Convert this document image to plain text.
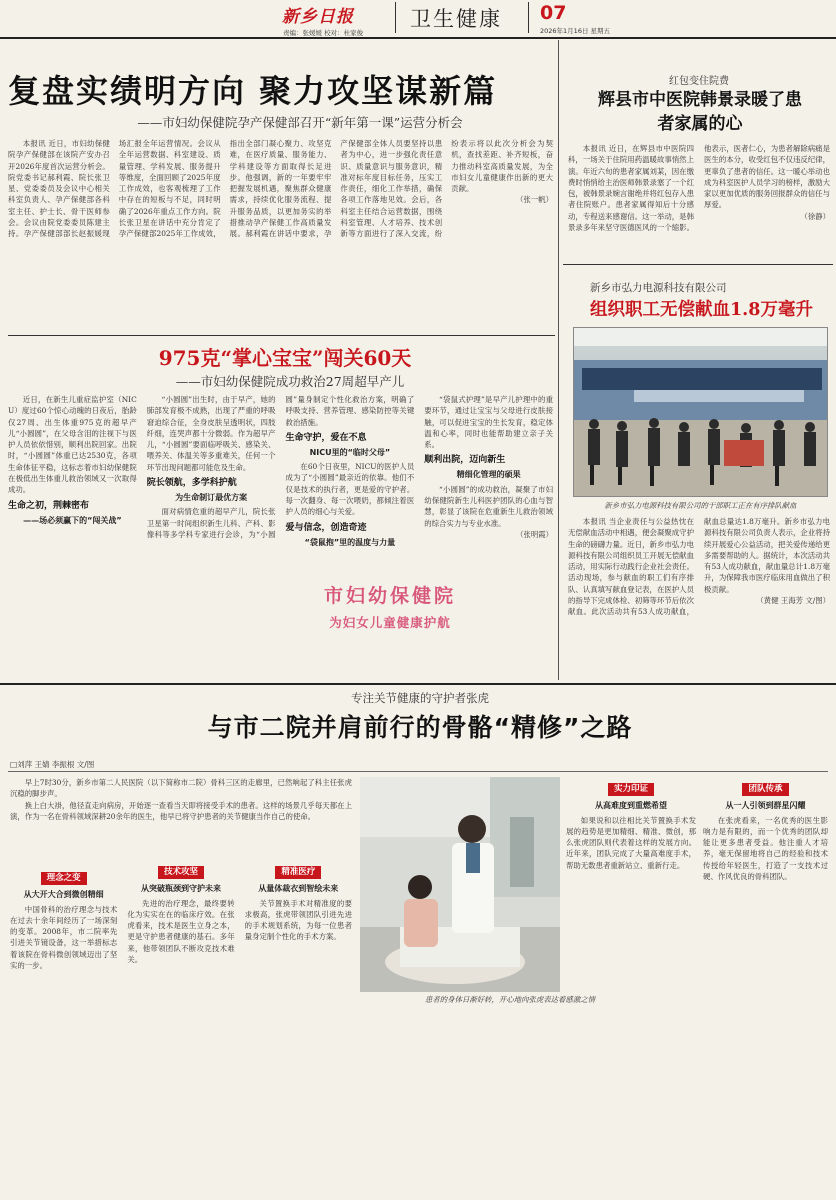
新乡日报	卫生健康	07
责编：张媛媛 校对：杜家俊	2026年1月16日 星期五
复盘实绩明方向 聚力攻坚谋新篇
——市妇幼保健院孕产保健部召开“新年第一课”运营分析会

本报讯 近日，市妇幼保健院孕产保健部在该院产安办召开2026年度首次运营分析会。院党委书记郝利霞、院长张卫星、党委委员及会议中心相关科室负责人、孕产保健部各科室主任、护士长、骨干医师参会。会议由院党委委员陈建主持。孕产保健部部长赵振媛现场汇报全年运营情况。会议从全年运营数据、科室建设、质量管理、学科发展、服务提升等维度，全面回顾了2025年度工作成效，也客观梳理了工作中存在的短板与不足，同时明确了2026年重点工作方向。院长张卫星在讲话中充分肯定了孕产保健部2025年工作成效，指出全部门凝心聚力、攻坚克难，在医疗质量、服务能力、学科建设等方面取得长足进步。他强调，新的一年要牢牢把握发展机遇，聚焦群众健康需求，持续优化服务流程、提升服务品质，以更加务实的举措推动孕产保健工作高质量发展。郝利霞在讲话中要求，孕产保健部全体人员要坚持以患者为中心，进一步强化责任意识、质量意识与服务意识，精准对标年度目标任务，压实工作责任，细化工作举措，确保各项工作落地见效。会后，各科室主任结合运营数据，围绕科室管理、人才培养、技术创新等方面进行了深入交流，纷纷表示将以此次分析会为契机，查找差距、补齐短板，奋力推动科室高质量发展，为全市妇女儿童健康作出新的更大贡献。

（张一帆）

红包变住院费
辉县市中医院韩景录暖了患者家属的心

本报讯 近日，在辉县市中医院四科，一场关于住院用药温暖故事悄然上演。年近六旬的患者家属刘某，因在缴费时悄悄给主治医师韩景录塞了一个红包，被韩景录婉言谢绝并将红包存入患者住院账户。患者家属得知后十分感动，专程送来感谢信。这一举动，是韩景录多年来坚守医德医风的一个缩影。他表示，医者仁心，为患者解除病痛是医生的本分，收受红包不仅违反纪律，更辜负了患者的信任。这一暖心举动也成为科室医护人员学习的榜样，激励大家以更加优质的服务回报群众的信任与厚爱。

（徐静）

新乡市弘力电源科技有限公司
组织职工无偿献血1.8万毫升
新乡市弘力电源科技有限公司的干部职工正在有序排队献血

本报讯 当企业责任与公益热忱在无偿献血活动中相遇，便会凝聚成守护生命的磅礴力量。近日，新乡市弘力电源科技有限公司组织员工开展无偿献血活动，用实际行动践行企业社会责任。活动现场，参与献血的职工们有序排队、认真填写献血登记表，在医护人员的指导下完成体检、初筛等环节后依次献血。此次活动共有53人成功献血，献血总量达1.8万毫升。新乡市弘力电源科技有限公司负责人表示，企业将持续开展爱心公益活动，把关爱传递给更多需要帮助的人。据统计，本次活动共有53人成功献血，献血量总计1.8万毫升，为保障我市医疗临床用血做出了积极贡献。

（黄健 王海芳 文/图）

975克“掌心宝宝”闯关60天
——市妇幼保健院成功救治27周超早产儿

近日，在新生儿重症监护室（NICU）度过60个惊心动魄的日夜后，胎龄仅27周、出生体重975克的超早产儿“小圆圆”，在父母含泪的注视下与医护人员依依惜别，顺利出院回家。出院时，“小圆圆”体重已达2530克，各项生命体征平稳，这标志着市妇幼保健院在极低出生体重儿救治领域又一次取得成功。

生命之初，荆棘密布
——场必须赢下的“闯关战”

“小圆圆”出生时，由于早产，她的肺部发育极不成熟，出现了严重的呼吸窘迫综合征，全身皮肤呈透明状，四肢纤细，连哭声都十分微弱。作为超早产儿，“小圆圆”要面临呼吸关、感染关、喂养关、体温关等多重难关，任何一个环节出现问题都可能危及生命。

院长领航，多学科护航
为生命制订最优方案

面对病情危重的超早产儿，院长张卫星第一时间组织新生儿科、产科、影像科等多学科专家进行会诊，为“小圆圆”量身制定个性化救治方案，明确了呼吸支持、营养管理、感染防控等关键救治措施。

生命守护，爱在不息
NICU里的“临时父母”

在60个日夜里，NICU的医护人员成为了“小圆圆”最亲近的依靠。他们不仅是技术的执行者，更是爱的守护者。每一次翻身、每一次喂奶，都倾注着医护人员的细心与关爱。

爱与信念，创造奇迹
“袋鼠抱”里的温度与力量

“袋鼠式护理”是早产儿护理中的重要环节，通过让宝宝与父母进行皮肤接触，可以促进宝宝的生长发育，稳定体温和心率，同时也能帮助建立亲子关系。

顺利出院，迈向新生
精细化管理的硕果

“小圆圆”的成功救治，凝聚了市妇幼保健院新生儿科医护团队的心血与智慧，彰显了该院在危重新生儿救治领域的综合实力与专业水准。

（张明霞）

市妇幼保健院
为妇女儿童健康护航
专注关节健康的守护者张虎
与市二院并肩前行的骨骼“精修”之路
□刘萍 王婧 李振根 文/图

早上7时30分，新乡市第二人民医院（以下简称市二院）骨科三区的走廊里，已然响起了科主任张虎沉稳的脚步声。

换上白大褂，他径直走向病房，开始逐一查看当天即将接受手术的患者。这样的场景几乎每天都在上演，作为一名在骨科领域深耕20余年的医生，他早已将守护患者的关节健康当作自己的使命。

患者的身体日渐好转，开心地向张虎表达着感激之情
理念之变
从大开大合到微创精细

中国骨科的治疗理念与技术在过去十余年间经历了一场深刻的变革。2008年，市二院率先引进关节镜设备，这一举措标志着该院在骨科微创领域迈出了坚实的一步。

技术攻坚
从突破瓶颈到守护未来

先进的治疗理念，最终要转化为实实在在的临床疗效。在张虎看来，技术是医生立身之本，更是守护患者健康的基石。多年来，他带领团队不断攻克技术难关。

精准医疗
从量体裁衣到智绘未来

关节置换手术对精准度的要求极高，张虎带领团队引进先进的手术规划系统，为每一位患者量身定制个性化的手术方案。

实力印证
从高难度到重燃希望

如果说和以往相比关节置换手术发展的趋势是更加精细、精准、微创，那么张虎团队则代表着这样的发展方向。近年来，团队完成了大量高难度手术，帮助无数患者重新站立、重新行走。

团队传承
从一人引领到群星闪耀

在张虎看来，一名优秀的医生影响力是有限的，而一个优秀的团队却能让更多患者受益。他注重人才培养，毫无保留地将自己的经验和技术传授给年轻医生，打造了一支技术过硬、作风优良的骨科团队。
